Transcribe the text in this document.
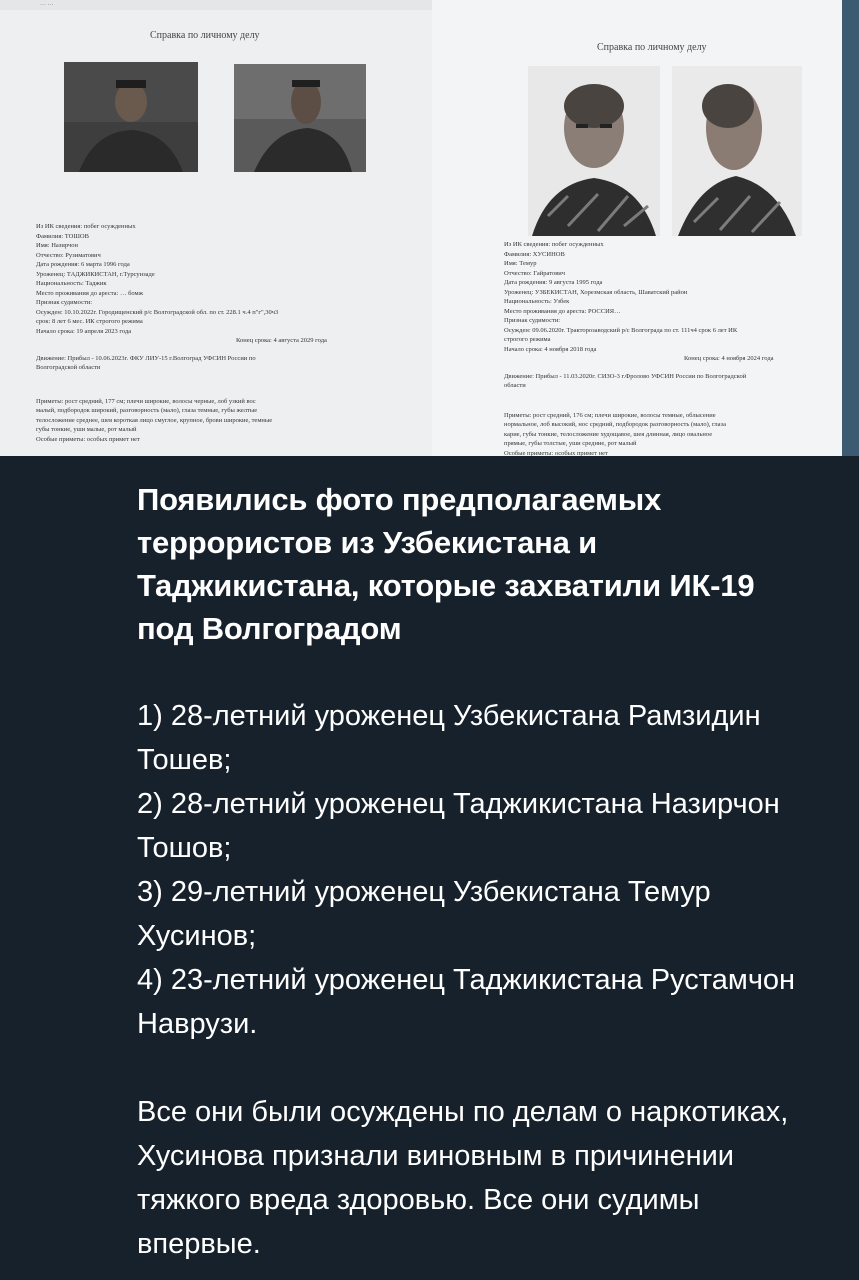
… …
Справка по личному делу
Из ИК сведения: побег осужденных
Фамилия: ТОШОВ
Имя: Назирчон
Отчество: Рузиматович
Дата рождения: 6 марта 1996 года
Уроженец: ТАДЖИКИСТАН, г.Турсунзаде
Национальность: Таджик
Место проживания до ареста: … бомж
Признак судимости:
Осужден: 10.10.2022г. Городищенский р/с Волгоградской обл. по ст. 228.1 ч.4 п"г",30ч3
срок: 8 лет 6 мес. ИК строгого режима
Начало срока: 19 апреля 2023 года
Конец срока: 4 августа 2029 года
Движение: Прибыл - 10.06.2023г. ФКУ ЛИУ-15 г.Волгоград УФСИН России по
Волгоградской области
Приметы: рост средний, 177 см; плечи широкие, волосы черные, лоб узкий вос
малый, подбородок широкий, разговорность (мало), глаза темные, губы желтые
телосложение среднее, шея короткая лицо смуглое, крупное, брови широкие, темные
губы тонкие, уши малые, рот малый
Особые приметы: особых примет нет
Справка по личному делу
Из ИК сведения: побег осужденных
Фамилия: ХУСИНОВ
Имя: Темур
Отчество: Гайратович
Дата рождения: 9 августа 1995 года
Уроженец: УЗБЕКИСТАН, Хорезмская область, Шаватский район
Национальность: Узбек
Место проживания до ареста: РОССИЯ…
Признак судимости:
Осужден: 09.06.2020г. Тракторозаводский р/с Волгограда по ст. 111ч4 срок 6 лет ИК
строгого режима
Начало срока: 4 ноября 2018 года
Конец срока: 4 ноября 2024 года
Движение: Прибыл - 11.03.2020г. СИЗО-3 г.Фролово УФСИН России по Волгоградской
области
Приметы: рост средний, 176 см; плечи широкие, волосы темные, облысение
нормальное, лоб высокий, нос средний, подбородок разговорность (мало), глаза
карие, губы тонкие, телосложение худощавое, шея длинная, лицо овальное
прямые, губы толстые, уши средние, рот малый
Особые приметы: особых примет нет

Появились фото предполагаемых террористов из Узбекистана и Таджикистана, которые захватили ИК-19 под Волгоградом

1) 28-летний уроженец Узбекистана Рамзидин Тошев;

2) 28-летний уроженец Таджикистана Назирчон Тошов;

3) 29-летний уроженец Узбекистана Темур Хусинов;

4) 23-летний уроженец Таджикистана Рустамчон Наврузи.

Все они были осуждены по делам о наркотиках, Хусинова признали виновным в причинении тяжкого вреда здоровью. Все они судимы впервые.
